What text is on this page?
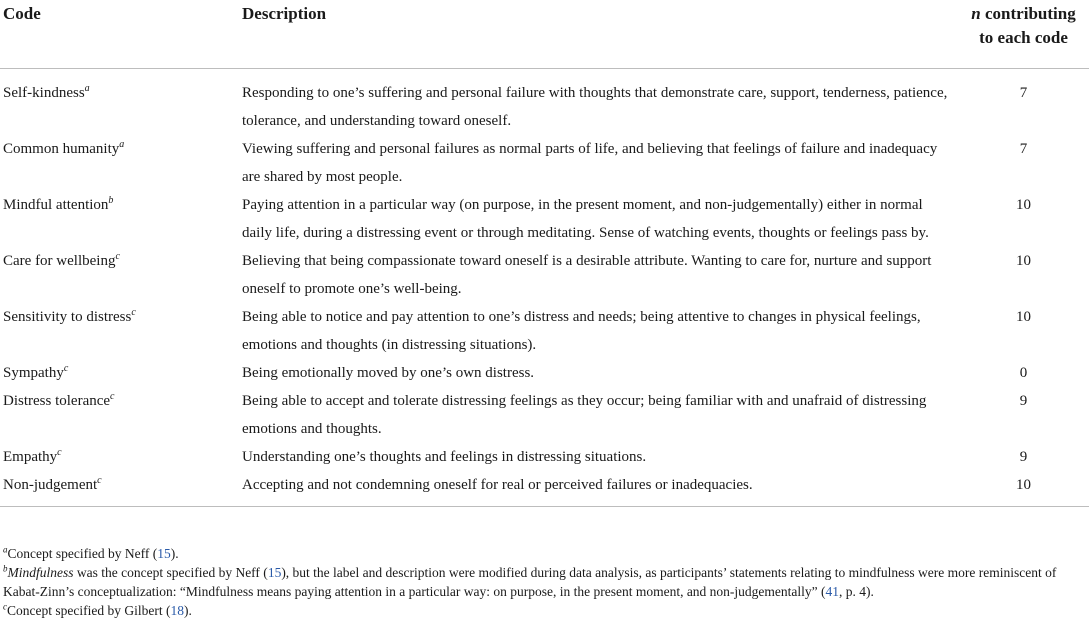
Code	Description	n contributing
to each code
Self-kindness$^a$	Responding to one’s suffering and personal failure with thoughts that demonstrate care, support, tenderness, patience, tolerance, and understanding toward oneself.	7
Common humanity$^a$	Viewing suffering and personal failures as normal parts of life, and believing that feelings of failure and inadequacy are shared by most people.	7
Mindful attention$^b$	Paying attention in a particular way (on purpose, in the present moment, and non-judgementally) either in normal daily life, during a distressing event or through meditating. Sense of watching events, thoughts or feelings pass by.	10
Care for wellbeing$^c$	Believing that being compassionate toward oneself is a desirable attribute. Wanting to care for, nurture and support oneself to promote one’s well-being.	10
Sensitivity to distress$^c$	Being able to notice and pay attention to one’s distress and needs; being attentive to changes in physical feelings, emotions and thoughts (in distressing situations).	10
Sympathy$^c$	Being emotionally moved by one’s own distress.	0
Distress tolerance$^c$	Being able to accept and tolerate distressing feelings as they occur; being familiar with and unafraid of distressing emotions and thoughts.	9
Empathy$^c$	Understanding one’s thoughts and feelings in distressing situations.	9
Non-judgement$^c$	Accepting and not condemning oneself for real or perceived failures or inadequacies.	10

$^a$Concept specified by Neff (15).

$^b$Mindfulness was the concept specified by Neff (15), but the label and description were modified during data analysis, as participants’ statements relating to mindfulness were more reminiscent of Kabat-Zinn’s conceptualization: “Mindfulness means paying attention in a particular way: on purpose, in the present moment, and non-judgementally” (41, p. 4).

$^c$Concept specified by Gilbert (18).
